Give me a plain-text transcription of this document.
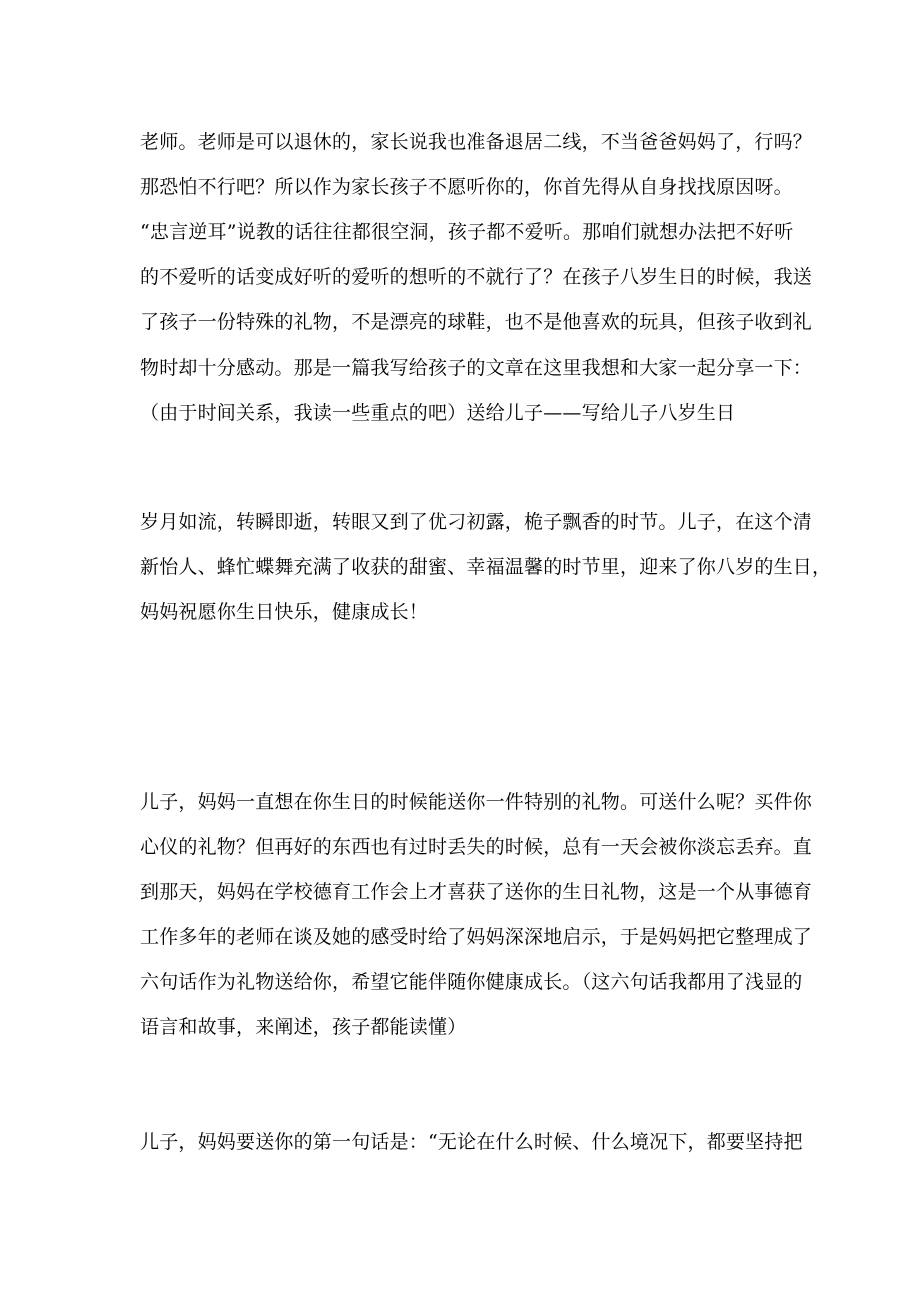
老师。老师是可以退休的，家长说我也准备退居二线，不当爸爸妈妈了，行吗？
那恐怕不行吧？所以作为家长孩子不愿听你的，你首先得从自身找找原因呀。
“忠言逆耳”说教的话往往都很空洞，孩子都不爱听。那咱们就想办法把不好听
的不爱听的话变成好听的爱听的想听的不就行了？在孩子八岁生日的时候，我送
了孩子一份特殊的礼物，不是漂亮的球鞋，也不是他喜欢的玩具，但孩子收到礼
物时却十分感动。那是一篇我写给孩子的文章在这里我想和大家一起分享一下：
（由于时间关系，我读一些重点的吧）送给儿子——写给儿子八岁生日
岁月如流，转瞬即逝，转眼又到了优刁初露，桅子飘香的时节。儿子，在这个清
新怡人、蜂忙蝶舞充满了收获的甜蜜、幸福温馨的时节里，迎来了你八岁的生日，
妈妈祝愿你生日快乐，健康成长！
儿子，妈妈一直想在你生日的时候能送你一件特别的礼物。可送什么呢？买件你
心仪的礼物？但再好的东西也有过时丢失的时候，总有一天会被你淡忘丢弃。直
到那天，妈妈在学校德育工作会上才喜获了送你的生日礼物，这是一个从事德育
工作多年的老师在谈及她的感受时给了妈妈深深地启示，于是妈妈把它整理成了
六句话作为礼物送给你，希望它能伴随你健康成长。（这六句话我都用了浅显的
语言和故事，来阐述，孩子都能读懂）
儿子，妈妈要送你的第一句话是：“无论在什么时候、什么境况下，都要坚持把
